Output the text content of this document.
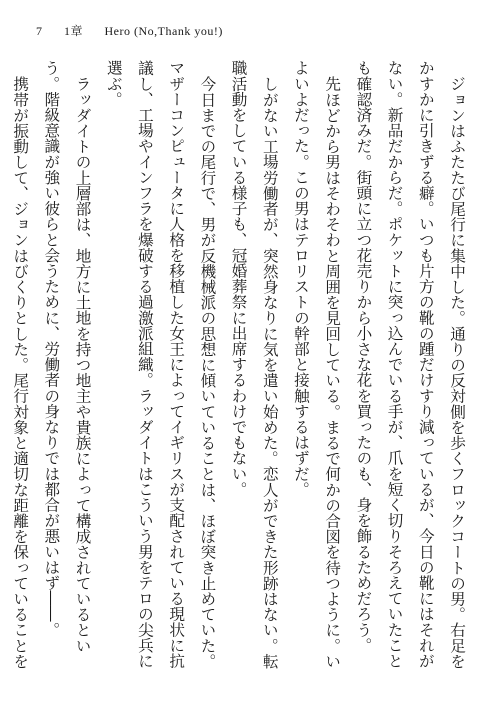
7 1章 Hero (No,Thank you!)

ジョンはふたたび尾行に集中した。通りの反対側を歩くフロックコートの男。右足をかすかに引きずる癖。いつも片方の靴の踵だけすり減っているが、今日の靴にはそれがない。新品だからだ。ポケットに突っ込んでいる手が、爪を短く切りそろえていたことも確認済みだ。街頭に立つ花売りから小さな花を買ったのも、身を飾るためだろう。

先ほどから男はそわそわと周囲を見回している。まるで何かの合図を待つように。いよいよだった。この男はテロリストの幹部と接触するはずだ。

しがない工場労働者が、突然身なりに気を遣い始めた。恋人ができた形跡はない。転職活動をしている様子も、冠婚葬祭に出席するわけでもない。

今日までの尾行で、男が反機械派の思想に傾いていることは、ほぼ突き止めていた。マザーコンピュータに人格を移植した女王によってイギリスが支配されている現状に抗議し、工場やインフラを爆破する過激派組織。ラッダイトはこういう男をテロの尖兵に選ぶ。

ラッダイトの上層部は、地方に土地を持つ地主や貴族によって構成されているという。階級意識が強い彼らと会うために、労働者の身なりでは都合が悪いはず――。

携帯が振動して、ジョンはびくりとした。尾行対象と適切な距離を保っていることを
